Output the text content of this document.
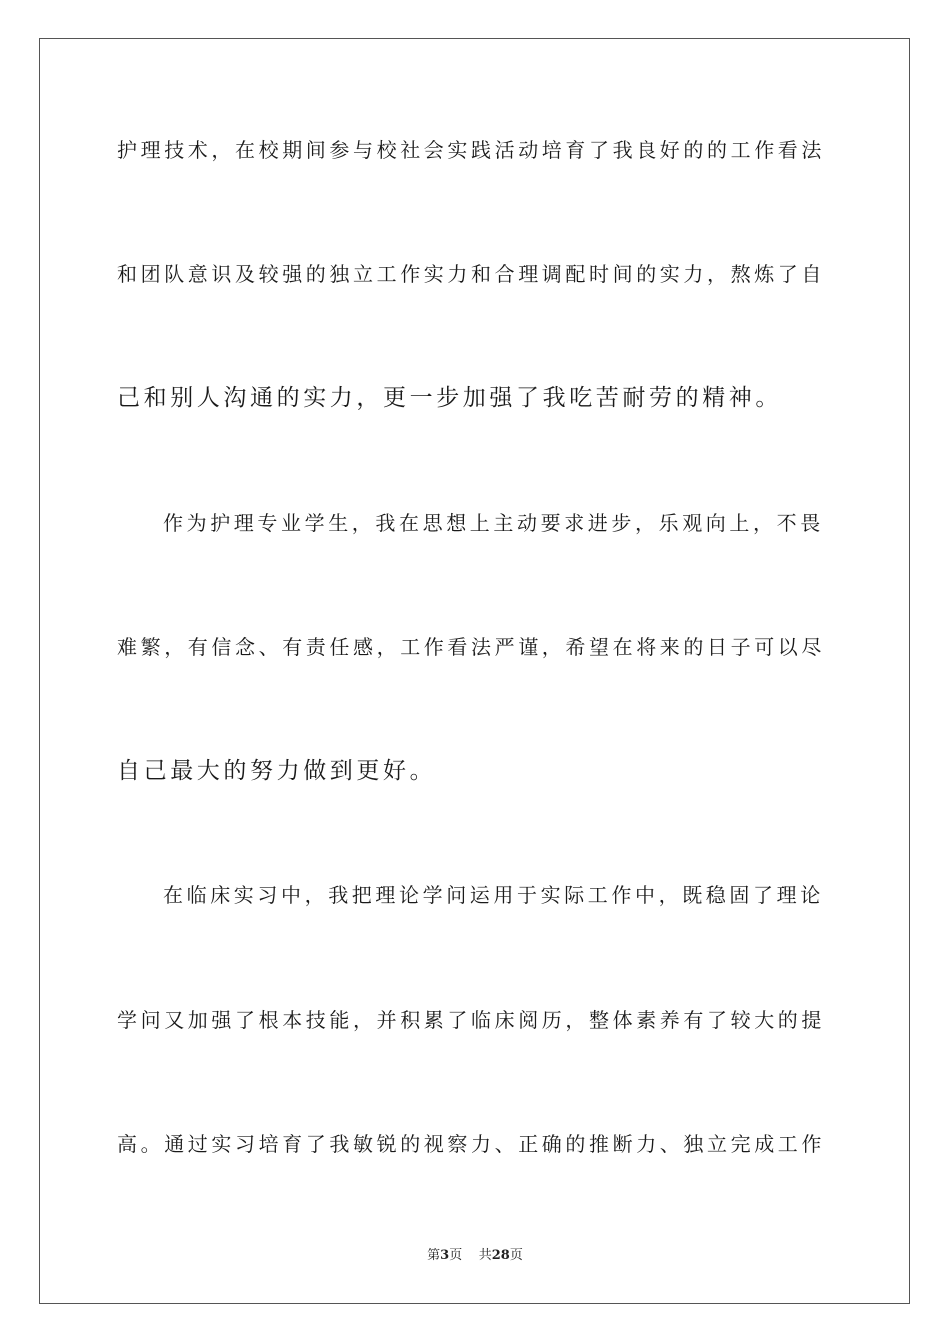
护理技术，在校期间参与校社会实践活动培育了我良好的的工作看法
和团队意识及较强的独立工作实力和合理调配时间的实力，熬炼了自
己和别人沟通的实力，更一步加强了我吃苦耐劳的精神。
作为护理专业学生，我在思想上主动要求进步，乐观向上，不畏
难繁，有信念、有责任感，工作看法严谨，希望在将来的日子可以尽
自己最大的努力做到更好。
在临床实习中，我把理论学问运用于实际工作中，既稳固了理论
学问又加强了根本技能，并积累了临床阅历，整体素养有了较大的提
高。通过实习培育了我敏锐的视察力、正确的推断力、独立完成工作
第3页 共28页
